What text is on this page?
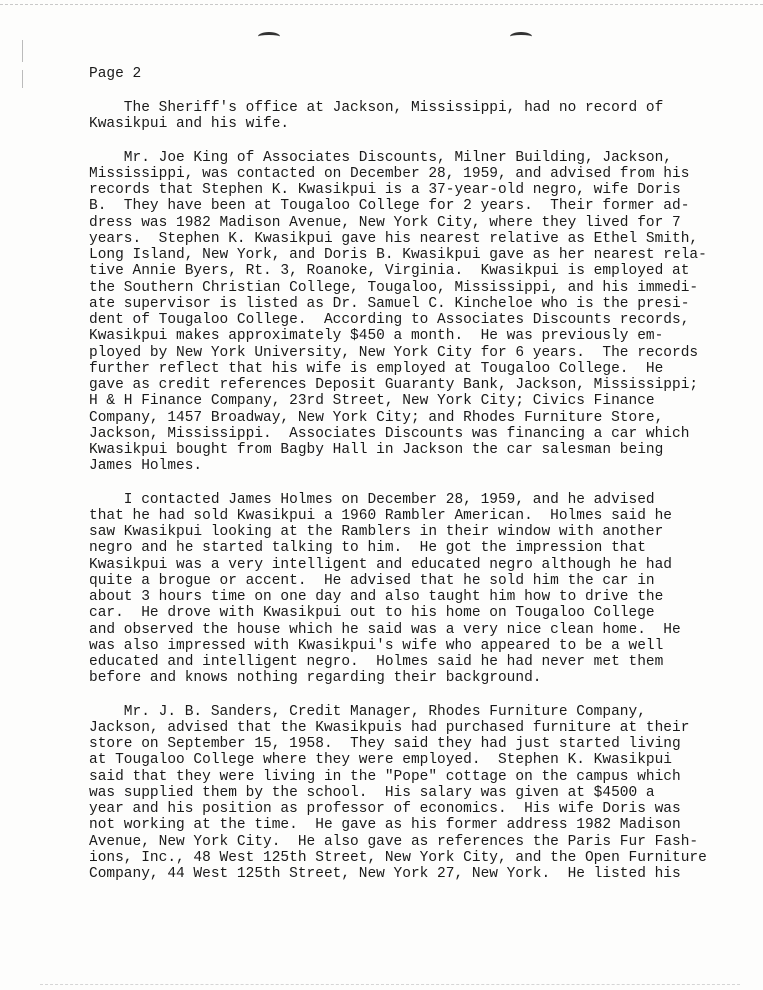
Page 2
The Sheriff's office at Jackson, Mississippi, had no record of
Kwasikpui and his wife.
Mr. Joe King of Associates Discounts, Milner Building, Jackson,
Mississippi, was contacted on December 28, 1959, and advised from his
records that Stephen K. Kwasikpui is a 37-year-old negro, wife Doris
B.  They have been at Tougaloo College for 2 years.  Their former ad-
dress was 1982 Madison Avenue, New York City, where they lived for 7
years.  Stephen K. Kwasikpui gave his nearest relative as Ethel Smith,
Long Island, New York, and Doris B. Kwasikpui gave as her nearest rela-
tive Annie Byers, Rt. 3, Roanoke, Virginia.  Kwasikpui is employed at
the Southern Christian College, Tougaloo, Mississippi, and his immedi-
ate supervisor is listed as Dr. Samuel C. Kincheloe who is the presi-
dent of Tougaloo College.  According to Associates Discounts records,
Kwasikpui makes approximately $450 a month.  He was previously em-
ployed by New York University, New York City for 6 years.  The records
further reflect that his wife is employed at Tougaloo College.  He
gave as credit references Deposit Guaranty Bank, Jackson, Mississippi;
H & H Finance Company, 23rd Street, New York City; Civics Finance
Company, 1457 Broadway, New York City; and Rhodes Furniture Store,
Jackson, Mississippi.  Associates Discounts was financing a car which
Kwasikpui bought from Bagby Hall in Jackson the car salesman being
James Holmes.
I contacted James Holmes on December 28, 1959, and he advised
that he had sold Kwasikpui a 1960 Rambler American.  Holmes said he
saw Kwasikpui looking at the Ramblers in their window with another
negro and he started talking to him.  He got the impression that
Kwasikpui was a very intelligent and educated negro although he had
quite a brogue or accent.  He advised that he sold him the car in
about 3 hours time on one day and also taught him how to drive the
car.  He drove with Kwasikpui out to his home on Tougaloo College
and observed the house which he said was a very nice clean home.  He
was also impressed with Kwasikpui's wife who appeared to be a well
educated and intelligent negro.  Holmes said he had never met them
before and knows nothing regarding their background.
Mr. J. B. Sanders, Credit Manager, Rhodes Furniture Company,
Jackson, advised that the Kwasikpuis had purchased furniture at their
store on September 15, 1958.  They said they had just started living
at Tougaloo College where they were employed.  Stephen K. Kwasikpui
said that they were living in the "Pope" cottage on the campus which
was supplied them by the school.  His salary was given at $4500 a
year and his position as professor of economics.  His wife Doris was
not working at the time.  He gave as his former address 1982 Madison
Avenue, New York City.  He also gave as references the Paris Fur Fash-
ions, Inc., 48 West 125th Street, New York City, and the Open Furniture
Company, 44 West 125th Street, New York 27, New York.  He listed his
